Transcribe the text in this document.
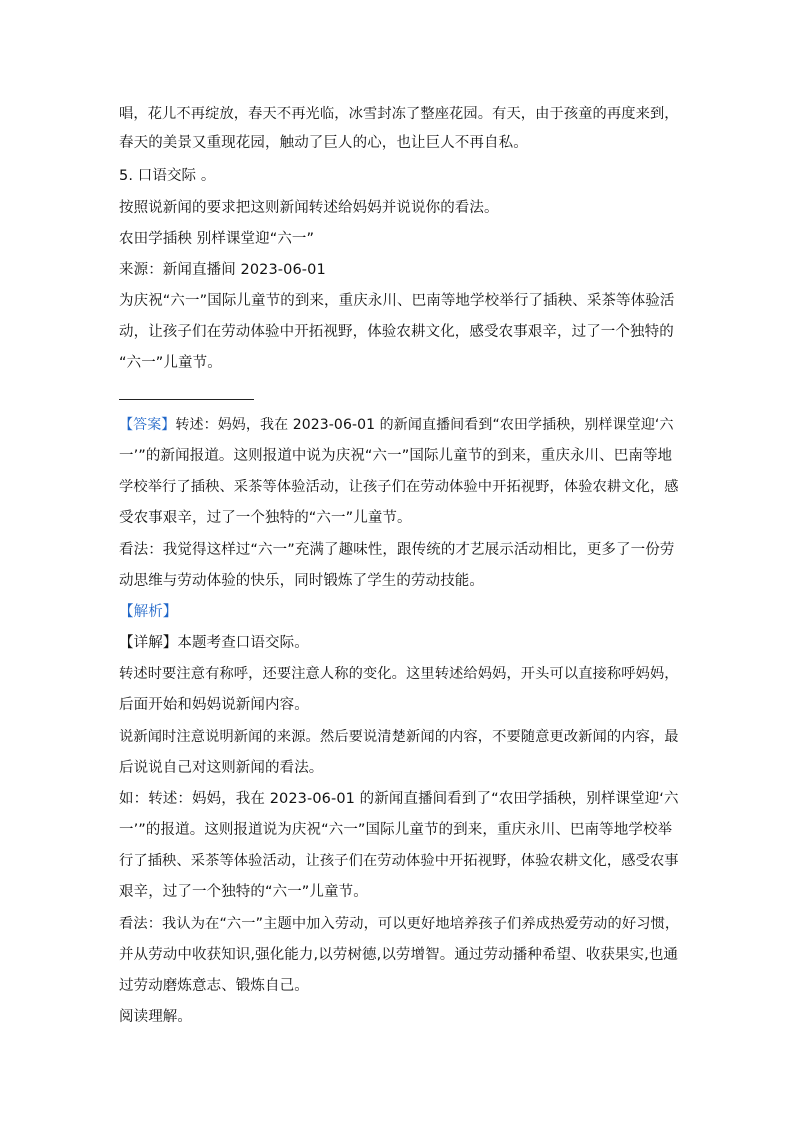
唱，花儿不再绽放，春天不再光临，冰雪封冻了整座花园。有天，由于孩童的再度来到，
春天的美景又重现花园，触动了巨人的心，也让巨人不再自私。
5. 口语交际 。
按照说新闻的要求把这则新闻转述给妈妈并说说你的看法。
农田学插秧 别样课堂迎“六一”
来源：新闻直播间 2023-06-01
为庆祝“六一”国际儿童节的到来，重庆永川、巴南等地学校举行了插秧、采茶等体验活
动，让孩子们在劳动体验中开拓视野，体验农耕文化，感受农事艰辛，过了一个独特的
“六一”儿童节。
【答案】转述：妈妈，我在 2023-06-01 的新闻直播间看到“农田学插秧，别样课堂迎‘六
一’”的新闻报道。这则报道中说为庆祝“六一”国际儿童节的到来，重庆永川、巴南等地
学校举行了插秧、采茶等体验活动，让孩子们在劳动体验中开拓视野，体验农耕文化，感
受农事艰辛，过了一个独特的“六一”儿童节。
看法：我觉得这样过“六一”充满了趣味性，跟传统的才艺展示活动相比，更多了一份劳
动思维与劳动体验的快乐，同时锻炼了学生的劳动技能。
【解析】
【详解】本题考查口语交际。
转述时要注意有称呼，还要注意人称的变化。这里转述给妈妈，开头可以直接称呼妈妈，
后面开始和妈妈说新闻内容。
说新闻时注意说明新闻的来源。然后要说清楚新闻的内容，不要随意更改新闻的内容，最
后说说自己对这则新闻的看法。
如：转述：妈妈，我在 2023-06-01 的新闻直播间看到了“农田学插秧，别样课堂迎‘六
一’”的报道。这则报道说为庆祝“六一”国际儿童节的到来，重庆永川、巴南等地学校举
行了插秧、采茶等体验活动，让孩子们在劳动体验中开拓视野，体验农耕文化，感受农事
艰辛，过了一个独特的“六一”儿童节。
看法：我认为在“六一”主题中加入劳动，可以更好地培养孩子们养成热爱劳动的好习惯，
并从劳动中收获知识,强化能力,以劳树德,以劳增智。通过劳动播种希望、收获果实,也通
过劳动磨炼意志、锻炼自己。
阅读理解。
